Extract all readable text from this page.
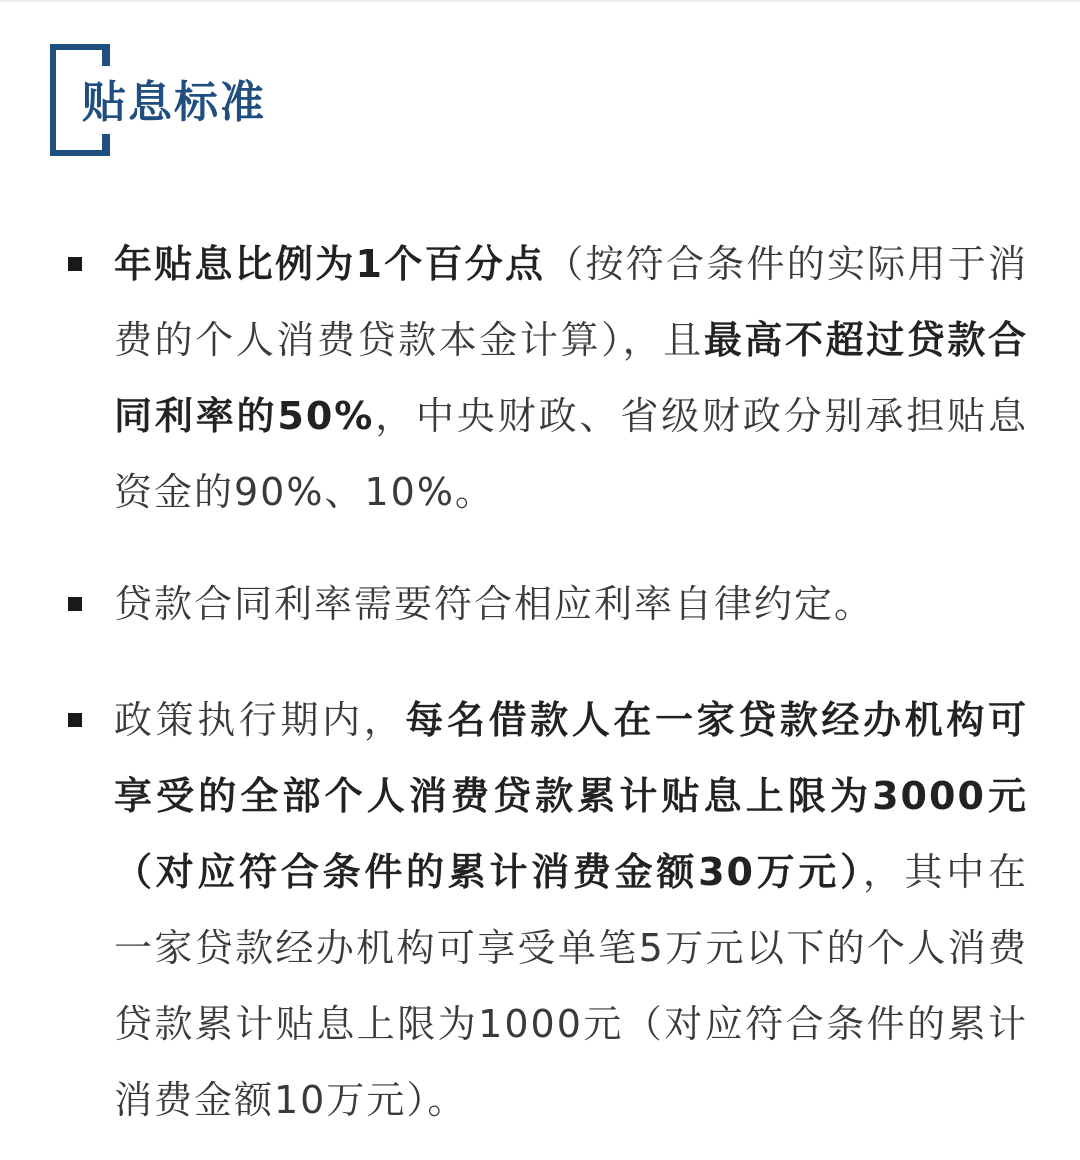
贴息标准
年贴息比例为1个百分点（按符合条件的实际用于消费的个人消费贷款本金计算），且最高不超过贷款合同利率的50%，中央财政、省级财政分别承担贴息资金的90%、10%。
贷款合同利率需要符合相应利率自律约定。
政策执行期内，每名借款人在一家贷款经办机构可享受的全部个人消费贷款累计贴息上限为3000元（对应符合条件的累计消费金额30万元），其中在一家贷款经办机构可享受单笔5万元以下的个人消费贷款累计贴息上限为1000元（对应符合条件的累计消费金额10万元）。
